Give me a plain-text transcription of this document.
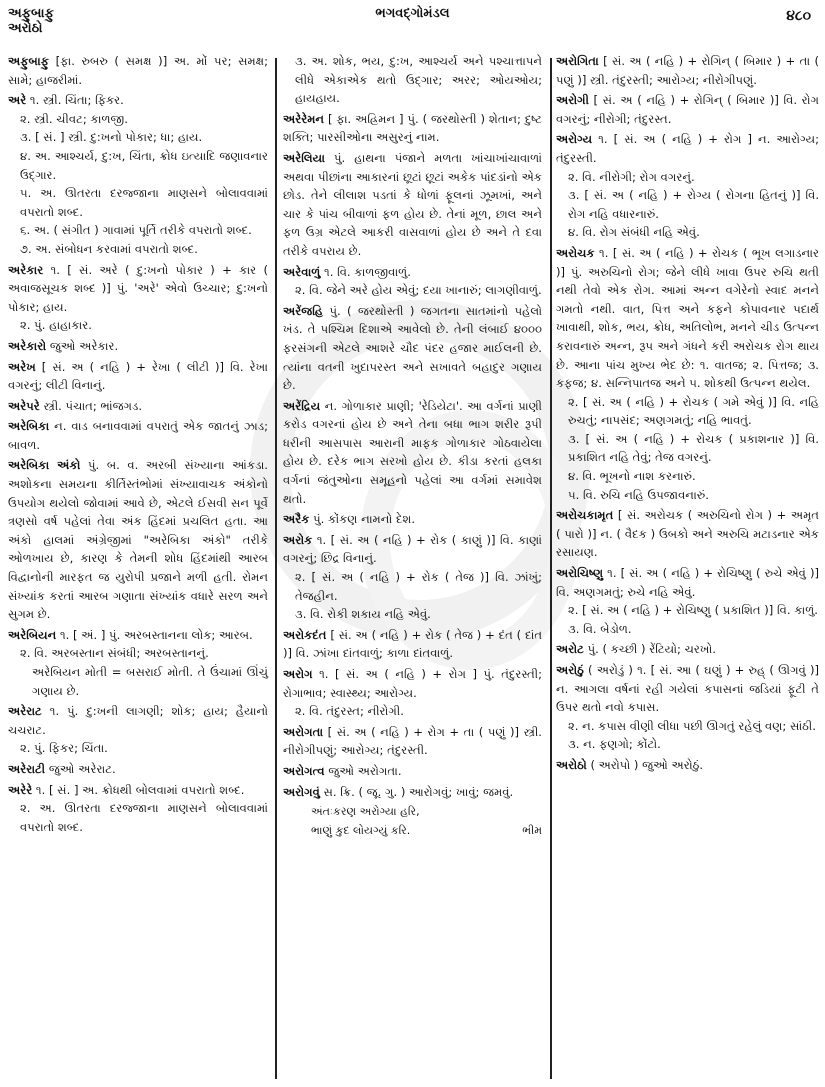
અફુબાફુ
અરોઠો
ભગવદ્ગોમંડલ	૪૮૦
અફુબાફુ [ફા. રુબરુ ( સમક્ષ )] અ. મોં પર; સમક્ષ; સામે; હાજરીમાં.
અરે ૧. સ્ત્રી. ચિંતા; ફિકર.
૨. સ્ત્રી. ચીવટ; કાળજી.
૩. [ સં. ] સ્ત્રી. દુ:ખનો પોકાર; ધા; હાય.
૪. અ. આશ્ચર્ય, દુ:ખ, ચિંતા, ક્રોધ ઇત્યાદિ જણાવનાર ઉદ્ગાર.
૫. અ. ઊતરતા દરજ્જાના માણસને બોલાવવામાં વપરાતો શબ્દ.
૬. અ. ( સંગીત ) ગાવામાં પૂર્તિ તરીકે વપરાતો શબ્દ.
૭. અ. સંબોધન કરવામાં વપરાતો શબ્દ.
અરેકાર ૧. [ સં. અરે ( દુ:ખનો પોકાર ) + કાર ( અવાજસૂચક શબ્દ )] પું. 'અરે' એવો ઉચ્ચાર; દુ:ખનો પોકાર; હાય.
૨. પું. હાહાકાર.
અરેકારો જુઓ અરેકાર.
અરેખ [ સં. અ ( નહિ ) + રેખા ( લીટી )] વિ. રેખા વગરનું; લીટી વિનાનું.
અરેપરે સ્ત્રી. પંચાત; ભાંજગડ.
અરેબિકા ન. વાડ બનાવવામાં વપરાતું એક જાતનું ઝાડ; બાવળ.
અરેબિકા અંકો પું. બ. વ. અરબી સંખ્યાના આંકડા. અશોકના સમયના કીર્તિસ્તંભોમાં સંખ્યાવાચક અંકોનો ઉપયોગ થયેલો જોવામાં આવે છે, એટલે ઈસવી સન પૂર્વે ત્રણસો વર્ષ પહેલાં તેવા અંક હિંદમાં પ્રચલિત હતા. આ અંકો હાલમાં અંગ્રેજીમાં "અરેબિકા અંકો" તરીકે ઓળખાય છે, કારણ કે તેમની શોધ હિંદમાંથી આરબ વિદ્વાનોની મારફત જ યુરોપી પ્રજાને મળી હતી. રોમન સંખ્યાંક કરતાં આરબ ગણાતા સંખ્યાંક વધારે સરળ અને સુગમ છે.
અરેબિયન ૧. [ અં. ] પું. અરબસ્તાનના લોક; આરબ.
૨. વિ. અરબસ્તાન સંબંધી; અરબસ્તાનનું.
અરેબિયન મોતી = બસરાઈ મોતી. તે ઉંચામાં ઊંચું ગણાય છે.
અરેરાટ ૧. પું. દુ:ખની લાગણી; શોક; હાય; હૈયાનો ચચરાટ.
૨. પું. ફિકર; ચિંતા.
અરેરાટી જુઓ અરેરાટ.
અરેરે ૧. [ સં. ] અ. ક્રોધથી બોલવામાં વપરાતો શબ્દ.
૨. અ. ઊતરતા દરજ્જાના માણસને બોલાવવામાં વપરાતો શબ્દ.
૩. અ. શોક, ભય, દુ:ખ, આશ્ચર્ય અને પશ્ચાત્તાપને લીધે એકાએક થતો ઉદ્ગાર; અરર; ઓયઓય; હાયહાય.
અરેરેમન [ ફા. અહ્રિમન ] પું. ( જરથોસ્તી ) શેતાન; દુષ્ટ શક્તિ; પારસીઓના અસુરનું નામ.
અરેલિયા પું. હાથના પંજાને મળતા ખાંચાખાંચાવાળાં અથવા પીછાંના આકારનાં છૂટાં છૂટાં અકેક પાંદડાંનો એક છોડ. તેને લીલાશ પડતાં કે ધોળાં ફૂલનાં ઝૂમખાં, અને ચાર કે પાંચ બીવાળાં ફળ હોય છે. તેનાં મૂળ, છાલ અને ફળ ઉગ્ર એટલે આકરી વાસવાળાં હોય છે અને તે દવા તરીકે વપરાય છે.
અરેવાળું ૧. વિ. કાળજીવાળું.
૨. વિ. જેને અરે હોય એવું; દયા ખાનારું; લાગણીવાળું.
અરેંજહિ પું. ( જરથોસ્તી ) જગતના સાતમાંનો પહેલો ખંડ. તે પશ્ચિમ દિશાએ આવેલો છે. તેની લંબાઈ ૪૦૦૦ ફરસંગની એટલે આશરે ચૌદ પંદર હજાર માઈલની છે. ત્યાંના વતની ખુદાપરસ્ત અને સખાવતે બહાદુર ગણાય છે.
અરેંદ્રિય ન. ગોળાકાર પ્રાણી; 'રેડિયેટા'. આ વર્ગનાં પ્રાણી કરોડ વગરનાં હોય છે અને તેના બધા ભાગ શરીર રૂપી ધરીની આસપાસ આરાની માફક ગોળાકાર ગોઠવાયેલા હોય છે. દરેક ભાગ સરખો હોય છે. કીડા કરતાં હલકા વર્ગનાં જંતુઓના સમૂહનો પહેલાં આ વર્ગમાં સમાવેશ થતો.
અરૈક પું. કોંકણ નામનો દેશ.
અરોક ૧. [ સં. અ ( નહિ ) + રોક ( કાણું )] વિ. કાણાં વગરનું; છિદ્ર વિનાનું.
૨. [ સં. અ ( નહિ ) + રોક ( તેજ )] વિ. ઝાંખું; તેજહીન.
૩. વિ. રોકી શકાય નહિ એવું.
અરોકદંત [ સં. અ ( નહિ ) + રોક ( તેજ ) + દંત ( દાંત )] વિ. ઝાંખા દાંતવાળું; કાળા દાંતવાળું.
અરોગ ૧. [ સં. અ ( નહિ ) + રોગ ] પું. તંદુરસ્તી; રોગાભાવ; સ્વાસ્થ્ય; આરોગ્ય.
૨. વિ. તંદુરસ્ત; નીરોગી.
અરોગતા [ સં. અ ( નહિ ) + રોગ + તા ( પણું )] સ્ત્રી. નીરોગીપણું; આરોગ્ય; તંદુરસ્તી.
અરોગત્વ જુઓ અરોગતા.
અરોગવું સ. ક્રિ. ( જૂ. ગુ. ) આરોગવું; ખાવું; જમવું.
અંતઃકરણ અરોગ્યા હરિ,
ભાણું કુદ લોયગ્યું કરિ.	ભીમ
અરોગિતા [ સં. અ ( નહિ ) + રોગિન્ ( બિમાર ) + તા ( પણું )] સ્ત્રી. તંદુરસ્તી; આરોગ્ય; નીરોગીપણું.
અરોગી [ સં. અ ( નહિ ) + રોગિન્ ( બિમાર )] વિ. રોગ વગરનું; નીરોગી; તંદુરસ્ત.
અરોગ્ય ૧. [ સં. અ ( નહિ ) + રોગ ] ન. આરોગ્ય; તંદુરસ્તી.
૨. વિ. નીરોગી; રોગ વગરનું.
૩. [ સં. અ ( નહિ ) + રોગ્ય ( રોગના હિતનું )] વિ. રોગ નહિ વધારનારું.
૪. વિ. રોગ સંબંધી નહિ એવું.
અરોચક ૧. [ સં. અ ( નહિ ) + રોચક ( ભૂખ લગાડનાર )] પું. અરુચિનો રોગ; જેને લીધે ખાવા ઉપર રુચિ થતી નથી તેવો એક રોગ. આમાં અન્ન વગેરેનો સ્વાદ મનને ગમતો નથી. વાત, પિત્ત અને કફને કોપાવનાર પદાર્થ ખાવાથી, શોક, ભય, ક્રોધ, અતિલોભ, મનને ચીડ ઉત્પન્ન કરાવનારું અન્ન, રૂપ અને ગંધને કરી અરોચક રોગ થાય છે. આના પાંચ મુખ્ય ભેદ છે: ૧. વાતજ; ૨. પિત્તજ; ૩. કફજ; ૪. સન્નિપાતજ અને ૫. શોકથી ઉત્પન્ન થયેલ.
૨. [ સં. અ ( નહિ ) + રોચક ( ગમે એવું )] વિ. નહિ રુચતું; નાપસંદ; અણગમતું; નહિ ભાવતું.
૩. [ સં. અ ( નહિ ) + રોચક ( પ્રકાશનાર )] વિ. પ્રકાશિત નહિ તેવું; તેજ વગરનું.
૪. વિ. ભૂખનો નાશ કરનારું.
૫. વિ. રુચિ નહિ ઉપજાવનારું.
અરોચકામૃત [ સં. અરોચક ( અરુચિનો રોગ ) + અમૃત ( પારો )] ન. ( વૈદક ) ઉબકો અને અરુચિ મટાડનાર એક રસાયણ.
અરોચિષ્ણુ ૧. [ સં. અ ( નહિ ) + રોચિષ્ણુ ( રુચે એવું )] વિ. અણગમતું; રુચે નહિ એવું.
૨. [ સં. અ ( નહિ ) + રોચિષ્ણુ ( પ્રકાશિત )] વિ. કાળું.
૩. વિ. બેડોળ.
અરોટ પું. ( કચ્છી ) રેંટિયો; ચરખો.
અરોઠું ( અરોડું ) ૧. [ સં. આ ( ઘણું ) + રુહ્ ( ઊગવું )] ન. આગલા વર્ષનાં રહી ગયેલાં કપાસનાં જડિયાં ફૂટી તે ઉપર થતો નવો કપાસ.
૨. ન. કપાસ વીણી લીધા પછી ઊગતું રહેલું વણ; સાંઠી.
૩. ન. ફણગો; કોંટો.
અરોઠો ( અરોપો ) જુઓ અરોઠું.
